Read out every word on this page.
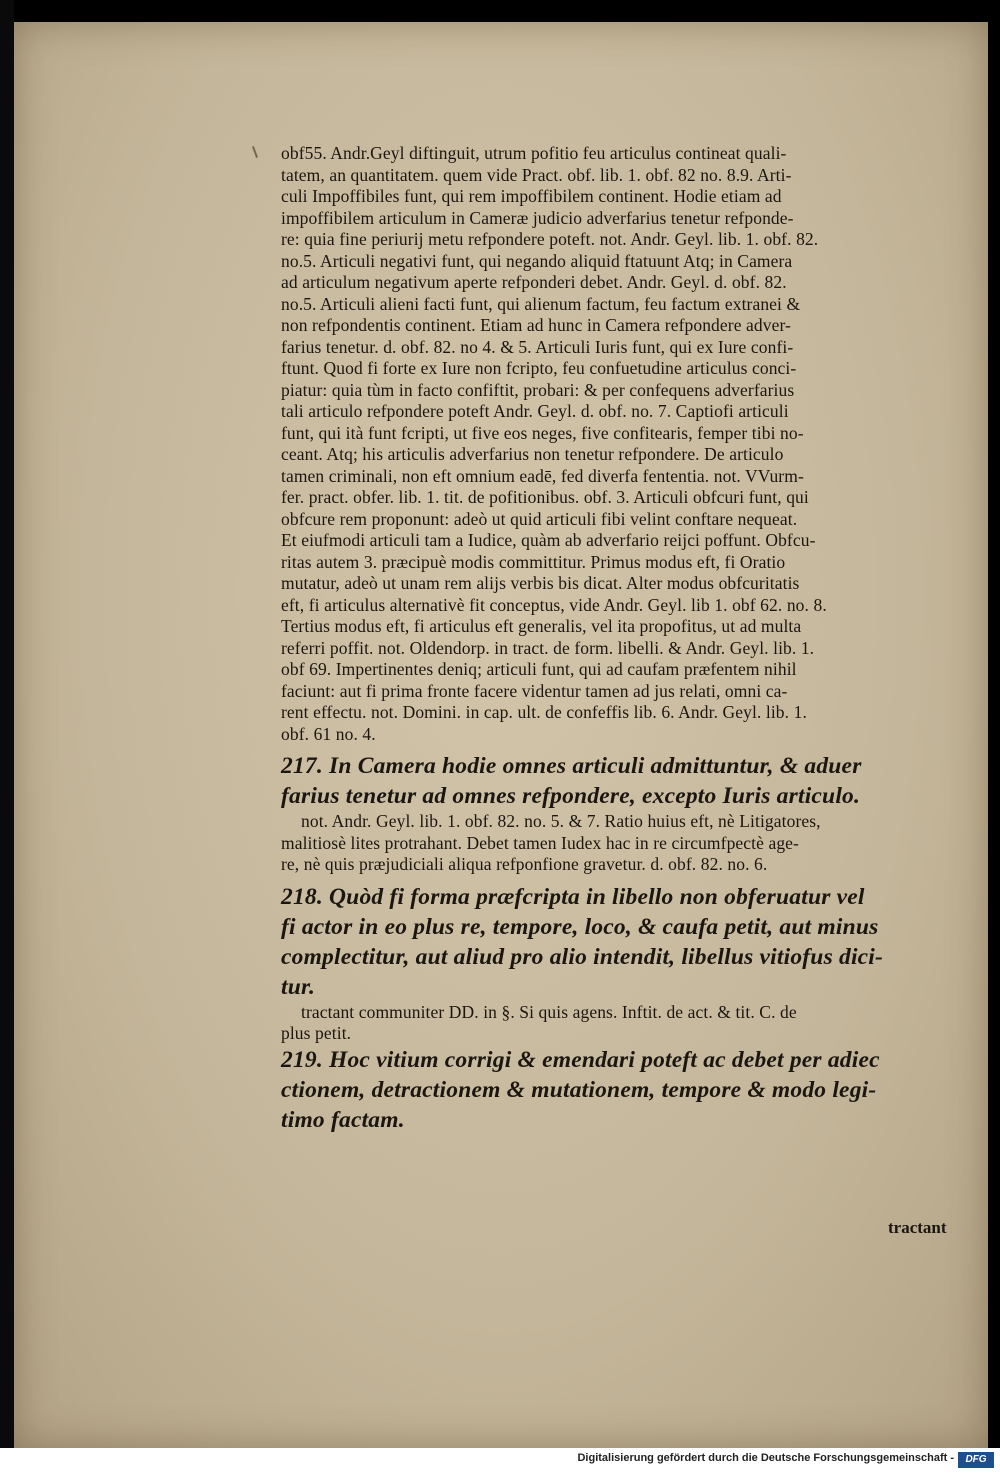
obf55. Andr.Geyl diftinguit, utrum pofitio feu articulus contineat quali-
tatem, an quantitatem. quem vide Pract. obf. lib. 1. obf. 82 no. 8.9. Arti-
culi Impoffibiles funt, qui rem impoffibilem continent. Hodie etiam ad
impoffibilem articulum in Cameræ judicio adverfarius tenetur refponde-
re: quia fine periurij metu refpondere poteft. not. Andr. Geyl. lib. 1. obf. 82.
no.5. Articuli negativi funt, qui negando aliquid ftatuunt Atq; in Camera
ad articulum negativum aperte refponderi debet. Andr. Geyl. d. obf. 82.
no.5. Articuli alieni facti funt, qui alienum factum, feu factum extranei &
non refpondentis continent. Etiam ad hunc in Camera refpondere adver-
farius tenetur. d. obf. 82. no 4. & 5. Articuli Iuris funt, qui ex Iure confi-
ftunt. Quod fi forte ex Iure non fcripto, feu confuetudine articulus conci-
piatur: quia tùm in facto confiftit, probari: & per confequens adverfarius
tali articulo refpondere poteft Andr. Geyl. d. obf. no. 7. Captiofi articuli
funt, qui ità funt fcripti, ut five eos neges, five confitearis, femper tibi no-
ceant. Atq; his articulis adverfarius non tenetur refpondere. De articulo
tamen criminali, non eft omnium eadē, fed diverfa fententia. not. VVurm-
fer. pract. obfer. lib. 1. tit. de pofitionibus. obf. 3. Articuli obfcuri funt, qui
obfcure rem proponunt: adeò ut quid articuli fibi velint conftare nequeat.
Et eiufmodi articuli tam a Iudice, quàm ab adverfario reijci poffunt. Obfcu-
ritas autem 3. præcipuè modis committitur. Primus modus eft, fi Oratio
mutatur, adeò ut unam rem alijs verbis bis dicat. Alter modus obfcuritatis
eft, fi articulus alternativè fit conceptus, vide Andr. Geyl. lib 1. obf 62. no. 8.
Tertius modus eft, fi articulus eft generalis, vel ita propofitus, ut ad multa
referri poffit. not. Oldendorp. in tract. de form. libelli. & Andr. Geyl. lib. 1.
obf 69. Impertinentes deniq; articuli funt, qui ad caufam præfentem nihil
faciunt: aut fi prima fronte facere videntur tamen ad jus relati, omni ca-
rent effectu. not. Domini. in cap. ult. de confeffis lib. 6. Andr. Geyl. lib. 1.
obf. 61 no. 4.
217. In Camera hodie omnes articuli admittuntur, & aduer
farius tenetur ad omnes refpondere, excepto Iuris articulo.
not. Andr. Geyl. lib. 1. obf. 82. no. 5. & 7. Ratio huius eft, nè Litigatores,
malitiosè lites protrahant. Debet tamen Iudex hac in re circumfpectè age-
re, nè quis præjudiciali aliqua refponfione gravetur. d. obf. 82. no. 6.
218. Quòd fi forma præfcripta in libello non obferuatur vel
fi actor in eo plus re, tempore, loco, & caufa petit, aut minus
complectitur, aut aliud pro alio intendit, libellus vitiofus dici-
tur.
tractant communiter DD. in §. Si quis agens. Inftit. de act. & tit. C. de
plus petit.
219. Hoc vitium corrigi & emendari poteft ac debet per adiec
ctionem, detractionem & mutationem, tempore & modo legi-
timo factam.
tractant
Digitalisierung gefördert durch die Deutsche Forschungsgemeinschaft -	DFG
